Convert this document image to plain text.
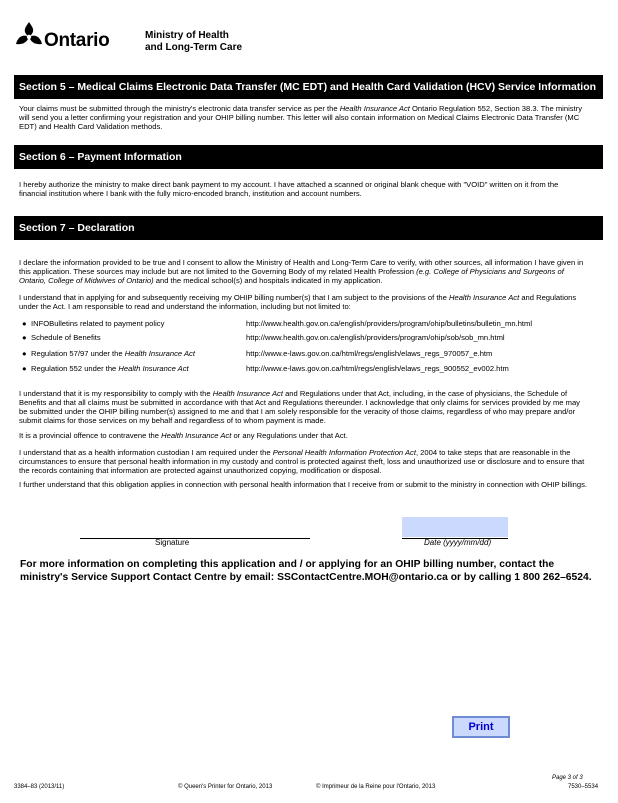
Ontario	Ministry of Health
and Long-Term Care
Section 5 – Medical Claims Electronic Data Transfer (MC EDT) and Health Card Validation (HCV) Service Information
Your claims must be submitted through the ministry's electronic data transfer service as per the Health Insurance Act Ontario Regulation 552, Section 38.3. The ministry will send you a letter confirming your registration and your OHIP billing number. This letter will also contain information on Medical Claims Electronic Data Transfer (MC EDT) and Health Card Validation methods.
Section 6 – Payment Information
I hereby authorize the ministry to make direct bank payment to my account. I have attached a scanned or original blank cheque with "VOID" written on it from the financial institution where I bank with the fully micro-encoded branch, institution and account numbers.
Section 7 – Declaration
I declare the information provided to be true and I consent to allow the Ministry of Health and Long-Term Care to verify, with other sources, all information I have given in this application. These sources may include but are not limited to the Governing Body of my related Health Profession (e.g. College of Physicians and Surgeons of Ontario, College of Midwives of Ontario) and the medical school(s) and hospitals indicated in my application.
I understand that in applying for and subsequently receiving my OHIP billing number(s) that I am subject to the provisions of the Health Insurance Act and Regulations under the Act. I am responsible to read and understand the information, including but not limited to:
● INFOBulletins related to payment policy	http://www.health.gov.on.ca/english/providers/program/ohip/bulletins/bulletin_mn.html
● Schedule of Benefits	http://www.health.gov.on.ca/english/providers/program/ohip/sob/sob_mn.html
● Regulation 57/97 under the Health Insurance Act	http://www.e-laws.gov.on.ca/html/regs/english/elaws_regs_970057_e.htm
● Regulation 552 under the Health Insurance Act	http://www.e-laws.gov.on.ca/html/regs/english/elaws_regs_900552_ev002.htm
I understand that it is my responsibility to comply with the Health Insurance Act and Regulations under that Act, including, in the case of physicians, the Schedule of Benefits and that all claims must be submitted in accordance with that Act and Regulations thereunder. I acknowledge that only claims for services provided by me may be submitted under the OHIP billing number(s) assigned to me and that I am solely responsible for the veracity of those claims, regardless of who may prepare and/or submit claims for those services on my behalf and regardless of to whom payment is made.
It is a provincial offence to contravene the Health Insurance Act or any Regulations under that Act.
I understand that as a health information custodian I am required under the Personal Health Information Protection Act, 2004 to take steps that are reasonable in the circumstances to ensure that personal health information in my custody and control is protected against theft, loss and unauthorized use or disclosure and to ensure that the records containing that information are protected against unauthorized copying, modification or disposal.
I further understand that this obligation applies in connection with personal health information that I receive from or submit to the ministry in connection with OHIP billings.
Signature	Date (yyyy/mm/dd)
For more information on completing this application and / or applying for an OHIP billing number, contact the ministry's Service Support Contact Centre by email: SSContactCentre.MOH@ontario.ca or by calling 1 800 262–6524.
Print
3384–83 (2013/11)	© Queen's Printer for Ontario, 2013	© Imprimeur de la Reine pour l'Ontario, 2013
Page 3 of 3
7530–5534
